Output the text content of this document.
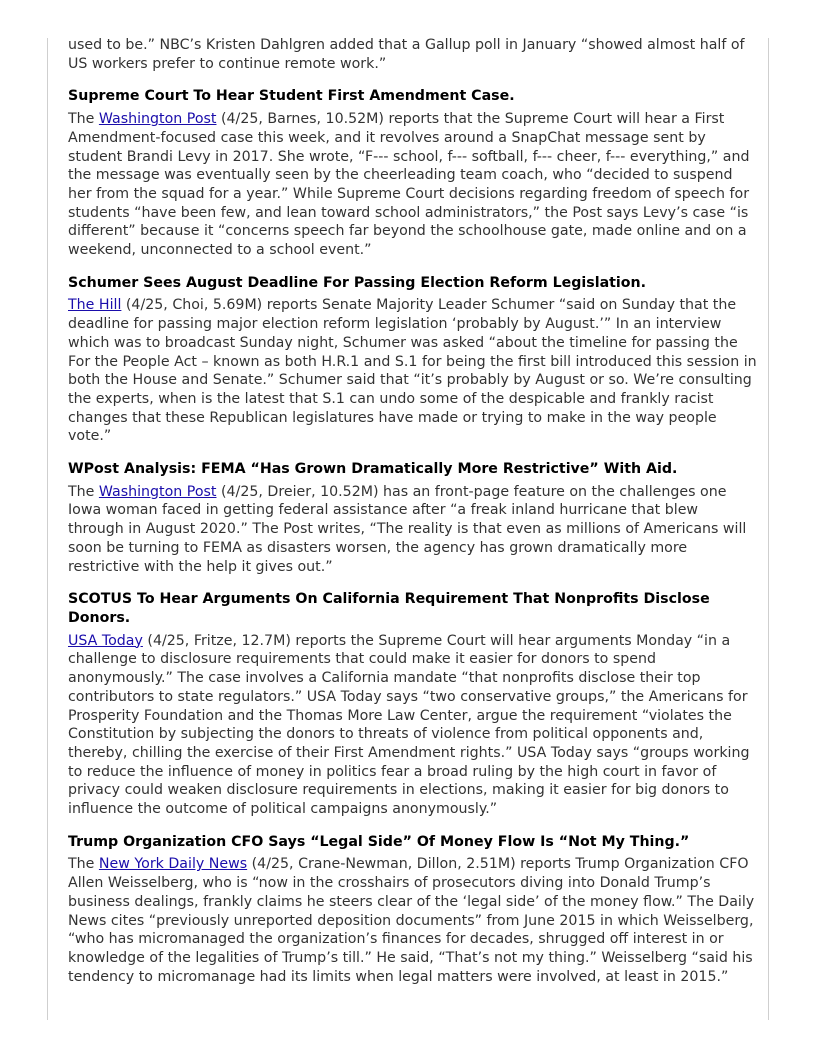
used to be.” NBC’s Kristen Dahlgren added that a Gallup poll in January “showed almost half of US workers prefer to continue remote work.”

Supreme Court To Hear Student First Amendment Case.

The Washington Post (4/25, Barnes, 10.52M) reports that the Supreme Court will hear a First Amendment-focused case this week, and it revolves around a SnapChat message sent by student Brandi Levy in 2017. She wrote, “F--- school, f--- softball, f--- cheer, f--- everything,” and the message was eventually seen by the cheerleading team coach, who “decided to suspend her from the squad for a year.” While Supreme Court decisions regarding freedom of speech for students “have been few, and lean toward school administrators,” the Post says Levy’s case “is different” because it “concerns speech far beyond the schoolhouse gate, made online and on a weekend, unconnected to a school event.”

Schumer Sees August Deadline For Passing Election Reform Legislation.

The Hill (4/25, Choi, 5.69M) reports Senate Majority Leader Schumer “said on Sunday that the deadline for passing major election reform legislation ‘probably by August.’” In an interview which was to broadcast Sunday night, Schumer was asked “about the timeline for passing the For the People Act – known as both H.R.1 and S.1 for being the first bill introduced this session in both the House and Senate.” Schumer said that “it’s probably by August or so. We’re consulting the experts, when is the latest that S.1 can undo some of the despicable and frankly racist changes that these Republican legislatures have made or trying to make in the way people vote.”

WPost Analysis: FEMA “Has Grown Dramatically More Restrictive” With Aid.

The Washington Post (4/25, Dreier, 10.52M) has an front-page feature on the challenges one Iowa woman faced in getting federal assistance after “a freak inland hurricane that blew through in August 2020.” The Post writes, “The reality is that even as millions of Americans will soon be turning to FEMA as disasters worsen, the agency has grown dramatically more restrictive with the help it gives out.”

SCOTUS To Hear Arguments On California Requirement That Nonprofits Disclose Donors.

USA Today (4/25, Fritze, 12.7M) reports the Supreme Court will hear arguments Monday “in a challenge to disclosure requirements that could make it easier for donors to spend anonymously.” The case involves a California mandate “that nonprofits disclose their top contributors to state regulators.” USA Today says “two conservative groups,” the Americans for Prosperity Foundation and the Thomas More Law Center, argue the requirement “violates the Constitution by subjecting the donors to threats of violence from political opponents and, thereby, chilling the exercise of their First Amendment rights.” USA Today says “groups working to reduce the influence of money in politics fear a broad ruling by the high court in favor of privacy could weaken disclosure requirements in elections, making it easier for big donors to influence the outcome of political campaigns anonymously.”

Trump Organization CFO Says “Legal Side” Of Money Flow Is “Not My Thing.”

The New York Daily News (4/25, Crane-Newman, Dillon, 2.51M) reports Trump Organization CFO Allen Weisselberg, who is “now in the crosshairs of prosecutors diving into Donald Trump’s business dealings, frankly claims he steers clear of the ‘legal side’ of the money flow.” The Daily News cites “previously unreported deposition documents” from June 2015 in which Weisselberg, “who has micromanaged the organization’s finances for decades, shrugged off interest in or knowledge of the legalities of Trump’s till.” He said, “That’s not my thing.” Weisselberg “said his tendency to micromanage had its limits when legal matters were involved, at least in 2015.”
